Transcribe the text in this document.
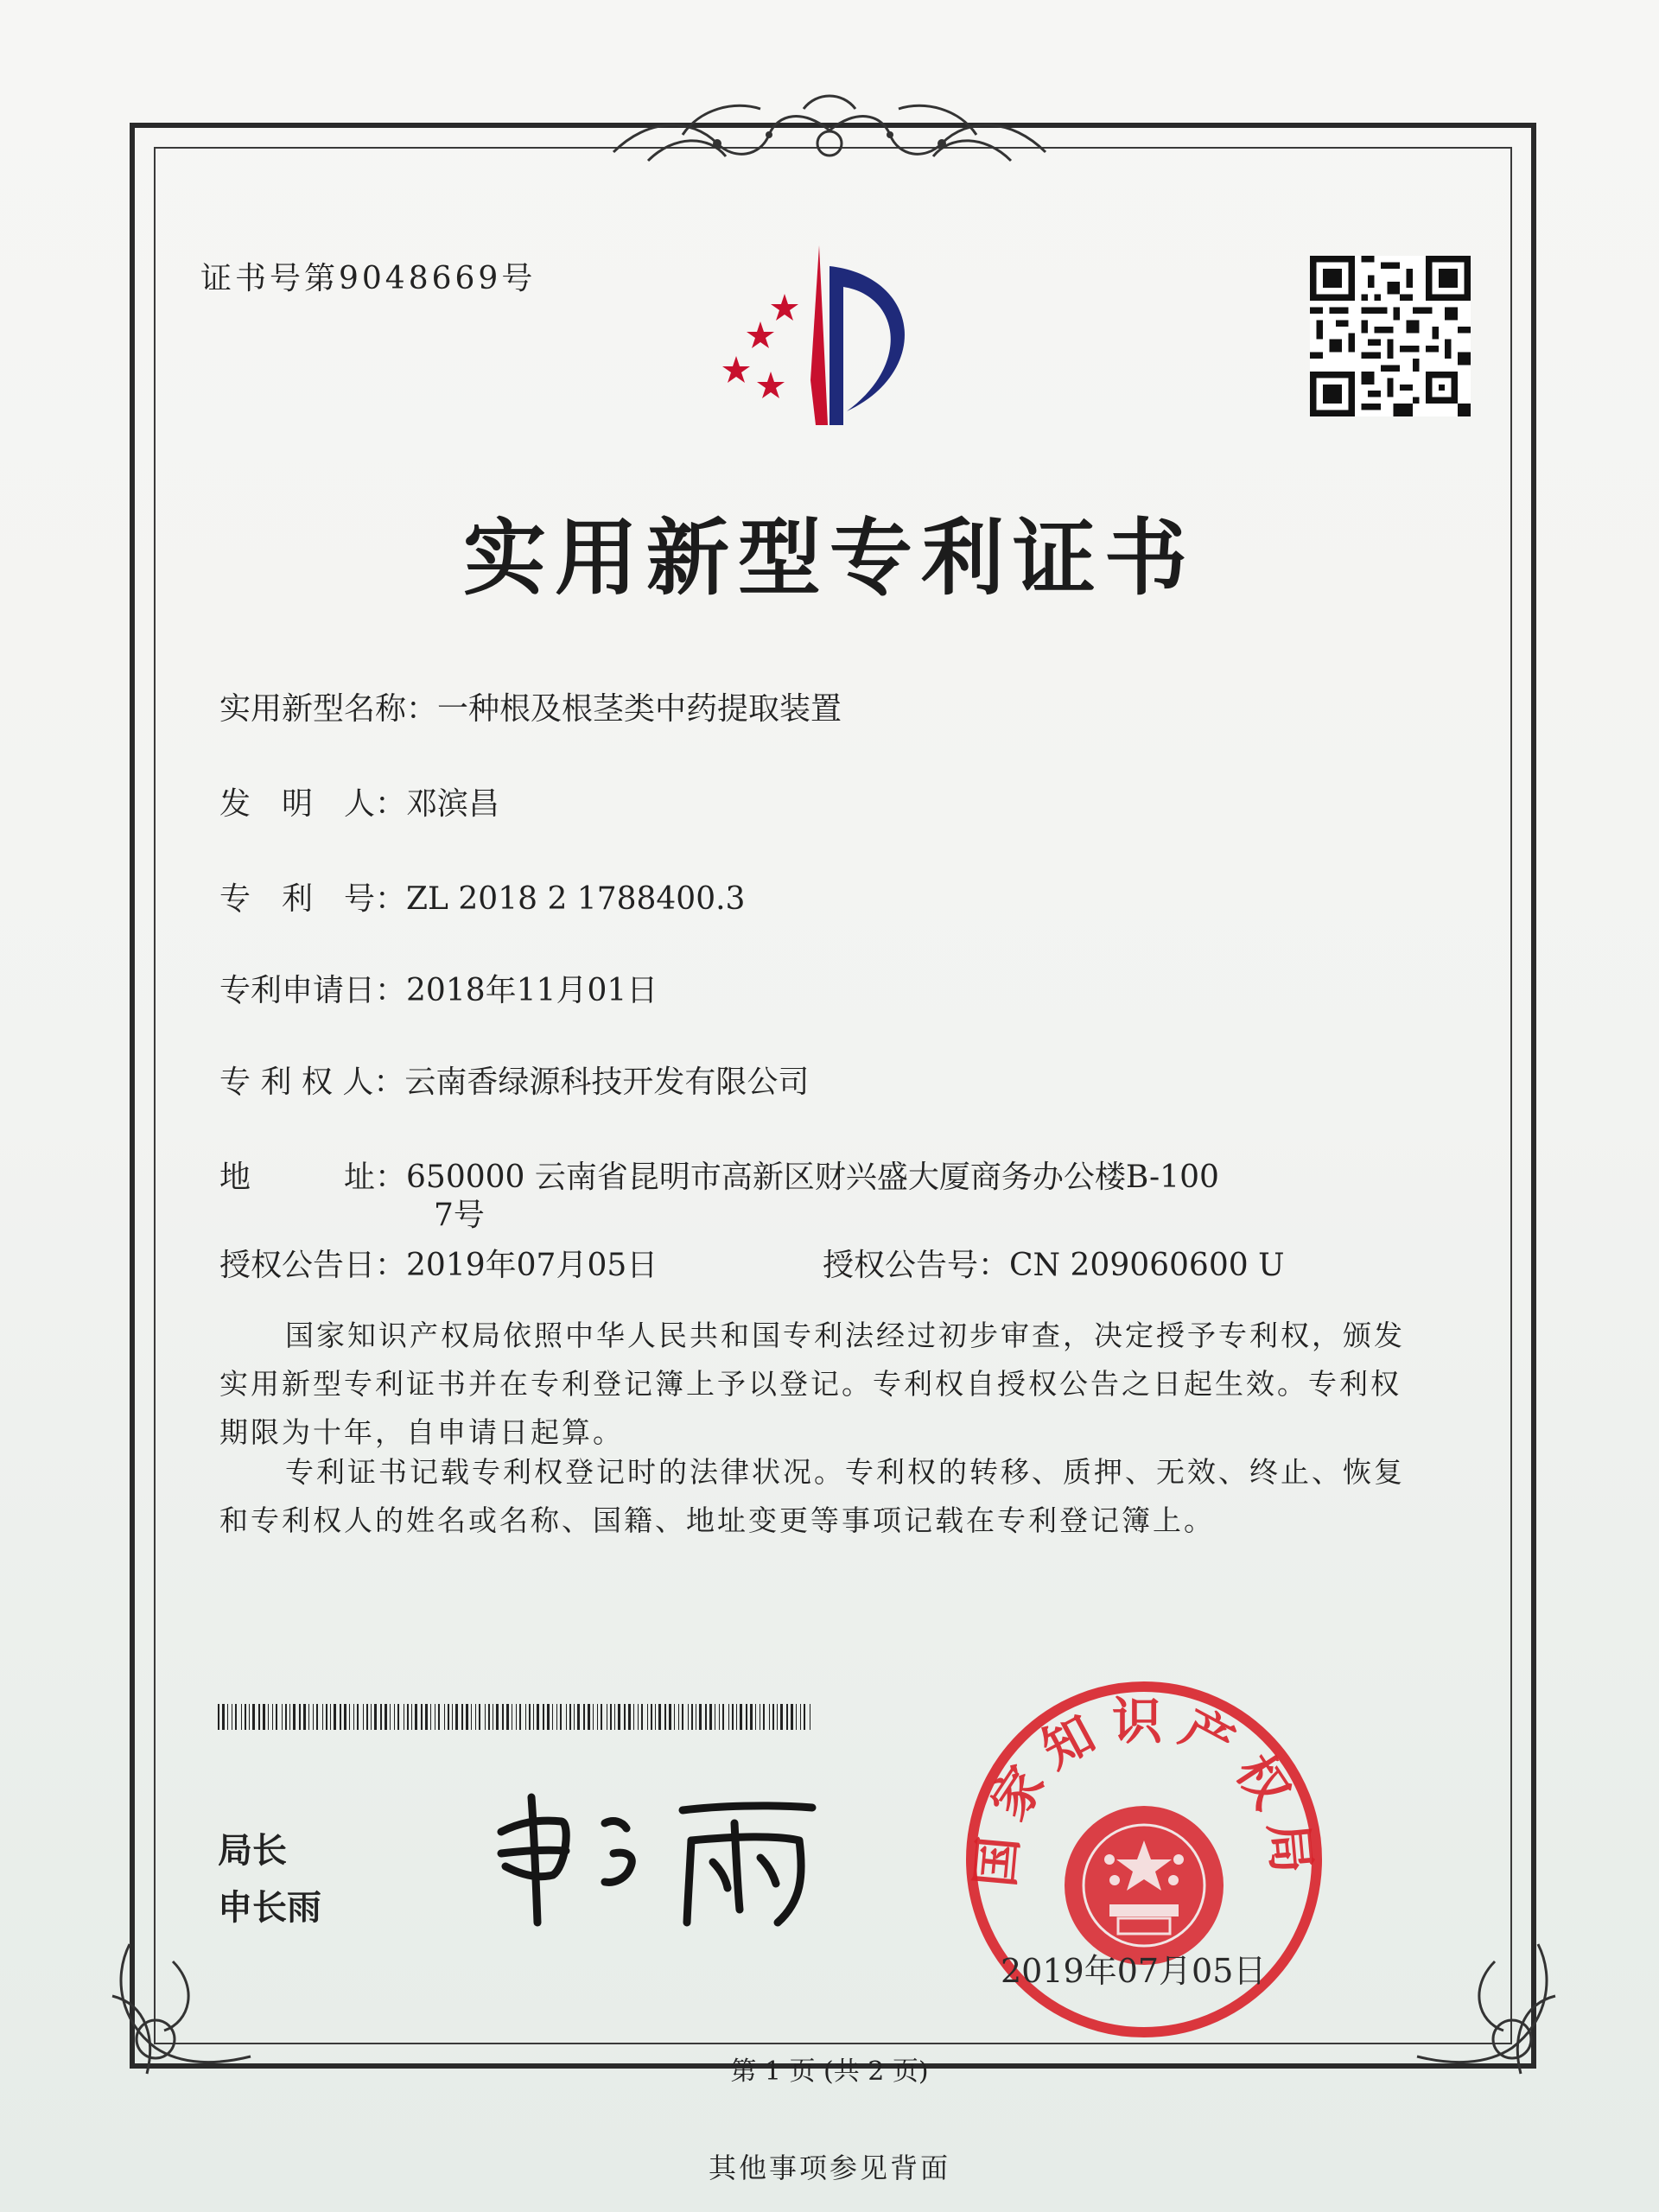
证书号第9048669号
实用新型专利证书
实用新型名称：一种根及根茎类中药提取装置
发　明　人：邓滨昌
专　利　号：ZL 2018 2 1788400.3
专利申请日：2018年11月01日
专 利 权 人：云南香绿源科技开发有限公司
地　　　址：650000 云南省昆明市高新区财兴盛大厦商务办公楼B-100
7号
授权公告日：2019年07月05日	授权公告号：CN 209060600 U
国家知识产权局依照中华人民共和国专利法经过初步审查，决定授予专利权，颁发实用新型专利证书并在专利登记簿上予以登记。专利权自授权公告之日起生效。专利权期限为十年，自申请日起算。
专利证书记载专利权登记时的法律状况。专利权的转移、质押、无效、终止、恢复和专利权人的姓名或名称、国籍、地址变更等事项记载在专利登记簿上。
局长
申长雨
国家知识产权局
2019年07月05日
第 1 页 (共 2 页)
其他事项参见背面
